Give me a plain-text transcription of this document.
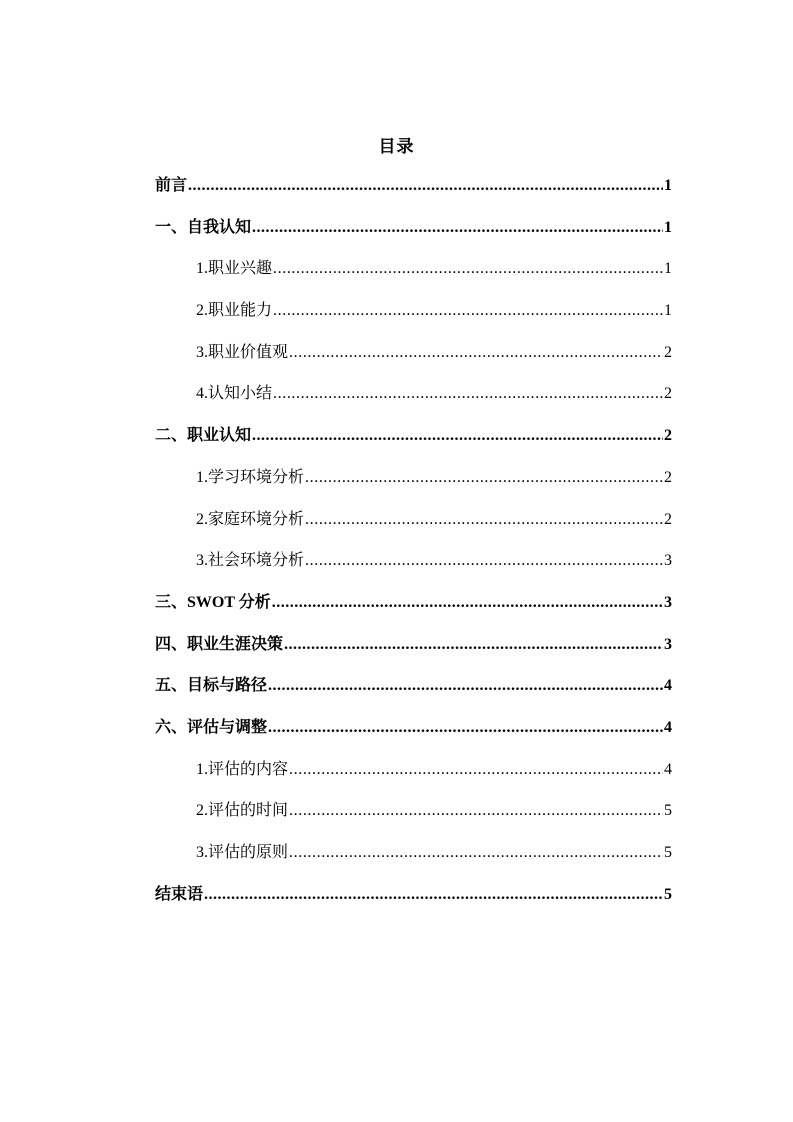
目录
前言 .....	1
一、自我认知 .....	1
1.职业兴趣 .....	1
2.职业能力 .....	1
3.职业价值观 .....	2
4.认知小结 .....	2
二、职业认知 .....	2
1.学习环境分析 .....	2
2.家庭环境分析 .....	2
3.社会环境分析 .....	3
三、SWOT 分析 .....	3
四、职业生涯决策 .....	3
五、目标与路径 .....	4
六、评估与调整 .....	4
1.评估的内容 .....	4
2.评估的时间 .....	5
3.评估的原则 .....	5
结束语 .....	5
